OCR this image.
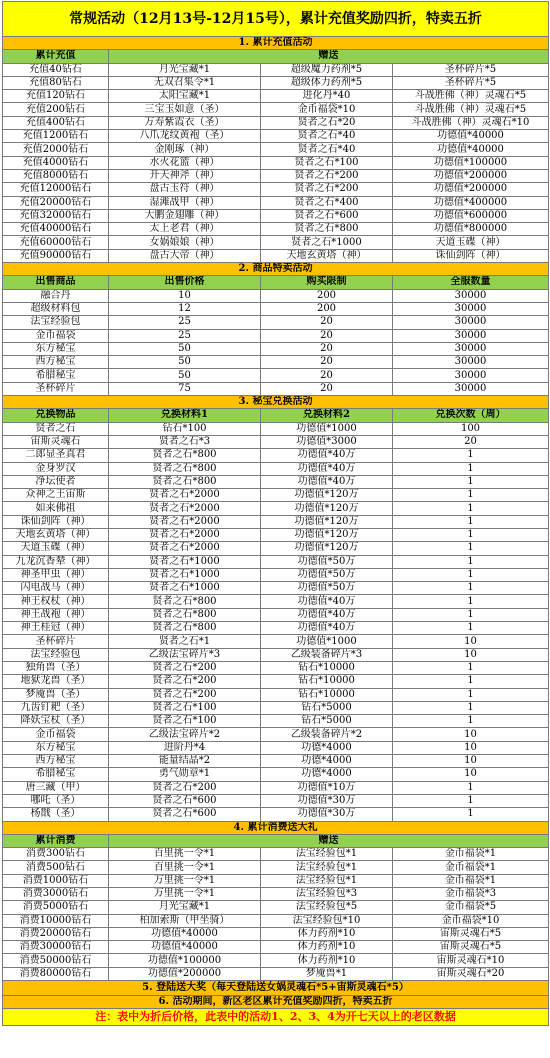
常规活动（12月13号-12月15号），累计充值奖励四折，特卖五折			
1. 累计充值活动			
累计充值	赠送		
充值40钻石	月光宝藏*1	超级魔力药剂*5	圣杯碎片*5
充值80钻石	无双召集令*1	超级体力药剂*5	圣杯碎片*5
充值120钻石	太阳宝藏*1	进化丹*40	斗战胜佛（神）灵魂石*5
充值200钻石	三宝玉如意（圣）	金币福袋*10	斗战胜佛（神）灵魂石*5
充值400钻石	万寿紫霞衣（圣）	贤者之石*20	斗战胜佛（神）灵魂石*10
充值1200钻石	八爪龙纹黄袍（圣）	贤者之石*40	功德值*40000
充值2000钻石	金刚琢（神）	贤者之石*40	功德值*40000
充值4000钻石	水火花篮（神）	贤者之石*100	功德值*100000
充值8000钻石	开天神斧（神）	贤者之石*200	功德值*200000
充值12000钻石	盘古玉符（神）	贤者之石*200	功德值*200000
充值20000钻石	湿滩战甲（神）	贤者之石*400	功德值*400000
充值32000钻石	大鹏金翅雕（神）	贤者之石*600	功德值*600000
充值40000钻石	太上老君（神）	贤者之石*800	功德值*800000
充值60000钻石	女娲娘娘（神）	贤者之石*1000	天道玉碟（神）
充值90000钻石	盘古大帝（神）	天地玄黄塔（神）	诛仙剑阵（神）
2. 商品特卖活动			
出售商品	出售价格	购买限制	全服数量
融合丹	10	200	30000
超级材料包	12	200	30000
法宝经验包	25	20	30000
金币福袋	25	20	30000
东方秘宝	50	20	30000
西方秘宝	50	20	30000
希腊秘宝	50	20	30000
圣杯碎片	75	20	30000
3. 秘宝兑换活动			
兑换物品	兑换材料1	兑换材料2	兑换次数（周）
贤者之石	钻石*100	功德值*1000	100
宙斯灵魂石	贤者之石*3	功德值*3000	20
二郎显圣真君	贤者之石*800	功德值*40万	1
金身罗汉	贤者之石*800	功德值*40万	1
净坛使者	贤者之石*800	功德值*40万	1
众神之王宙斯	贤者之石*2000	功德值*120万	1
如来佛祖	贤者之石*2000	功德值*120万	1
诛仙剑阵（神）	贤者之石*2000	功德值*120万	1
天地玄黄塔（神）	贤者之石*2000	功德值*120万	1
天道玉碟（神）	贤者之石*2000	功德值*120万	1
九龙沉香辇（神）	贤者之石*1000	功德值*50万	1
神圣甲虫（神）	贤者之石*1000	功德值*50万	1
闪电战马（神）	贤者之石*1000	功德值*50万	1
神王权杖（神）	贤者之石*800	功德值*40万	1
神王战袍（神）	贤者之石*800	功德值*40万	1
神王桂冠（神）	贤者之石*800	功德值*40万	1
圣杯碎片	贤者之石*1	功德值*1000	10
法宝经验包	乙级法宝碎片*3	乙级装备碎片*3	10
独角兽（圣）	贤者之石*200	钻石*10000	1
地狱龙兽（圣）	贤者之石*200	钻石*10000	1
梦魇兽（圣）	贤者之石*200	钻石*10000	1
九齿钉耙（圣）	贤者之石*100	钻石*5000	1
降妖宝杖（圣）	贤者之石*100	钻石*5000	1
金币福袋	乙级法宝碎片*2	乙级装备碎片*2	10
东方秘宝	进阶丹*4	功德*4000	10
西方秘宝	能量结晶*2	功德*4000	10
希腊秘宝	勇气勋章*1	功德*4000	10
唐三藏（甲）	贤者之石*200	功德值*10万	1
哪吒（圣）	贤者之石*600	功德值*30万	1
杨戬（圣）	贤者之石*600	功德值*30万	1
4. 累计消费送大礼			
累计消费	赠送		
消费300钻石	百里挑一令*1	法宝经验包*1	金币福袋*1
消费500钻石	百里挑一令*1	法宝经验包*1	金币福袋*1
消费1000钻石	万里挑一令*1	法宝经验包*1	金币福袋*1
消费3000钻石	万里挑一令*1	法宝经验包*3	金币福袋*3
消费5000钻石	月光宝藏*1	法宝经验包*5	金币福袋*5
消费10000钻石	柏加索斯（甲坐骑）	法宝经验包*10	金币福袋*10
消费20000钻石	功德值*40000	体力药剂*10	宙斯灵魂石*5
消费30000钻石	功德值*40000	体力药剂*10	宙斯灵魂石*5
消费50000钻石	功德值*100000	体力药剂*10	宙斯灵魂石*10
消费80000钻石	功德值*200000	梦魇兽*1	宙斯灵魂石*20
5. 登陆送大奖（每天登陆送女娲灵魂石*5+宙斯灵魂石*5）			
6. 活动期间，新区老区累计充值奖励四折，特卖五折			
注：表中为折后价格，此表中的活动1、2、3、4为开七天以上的老区数据			
